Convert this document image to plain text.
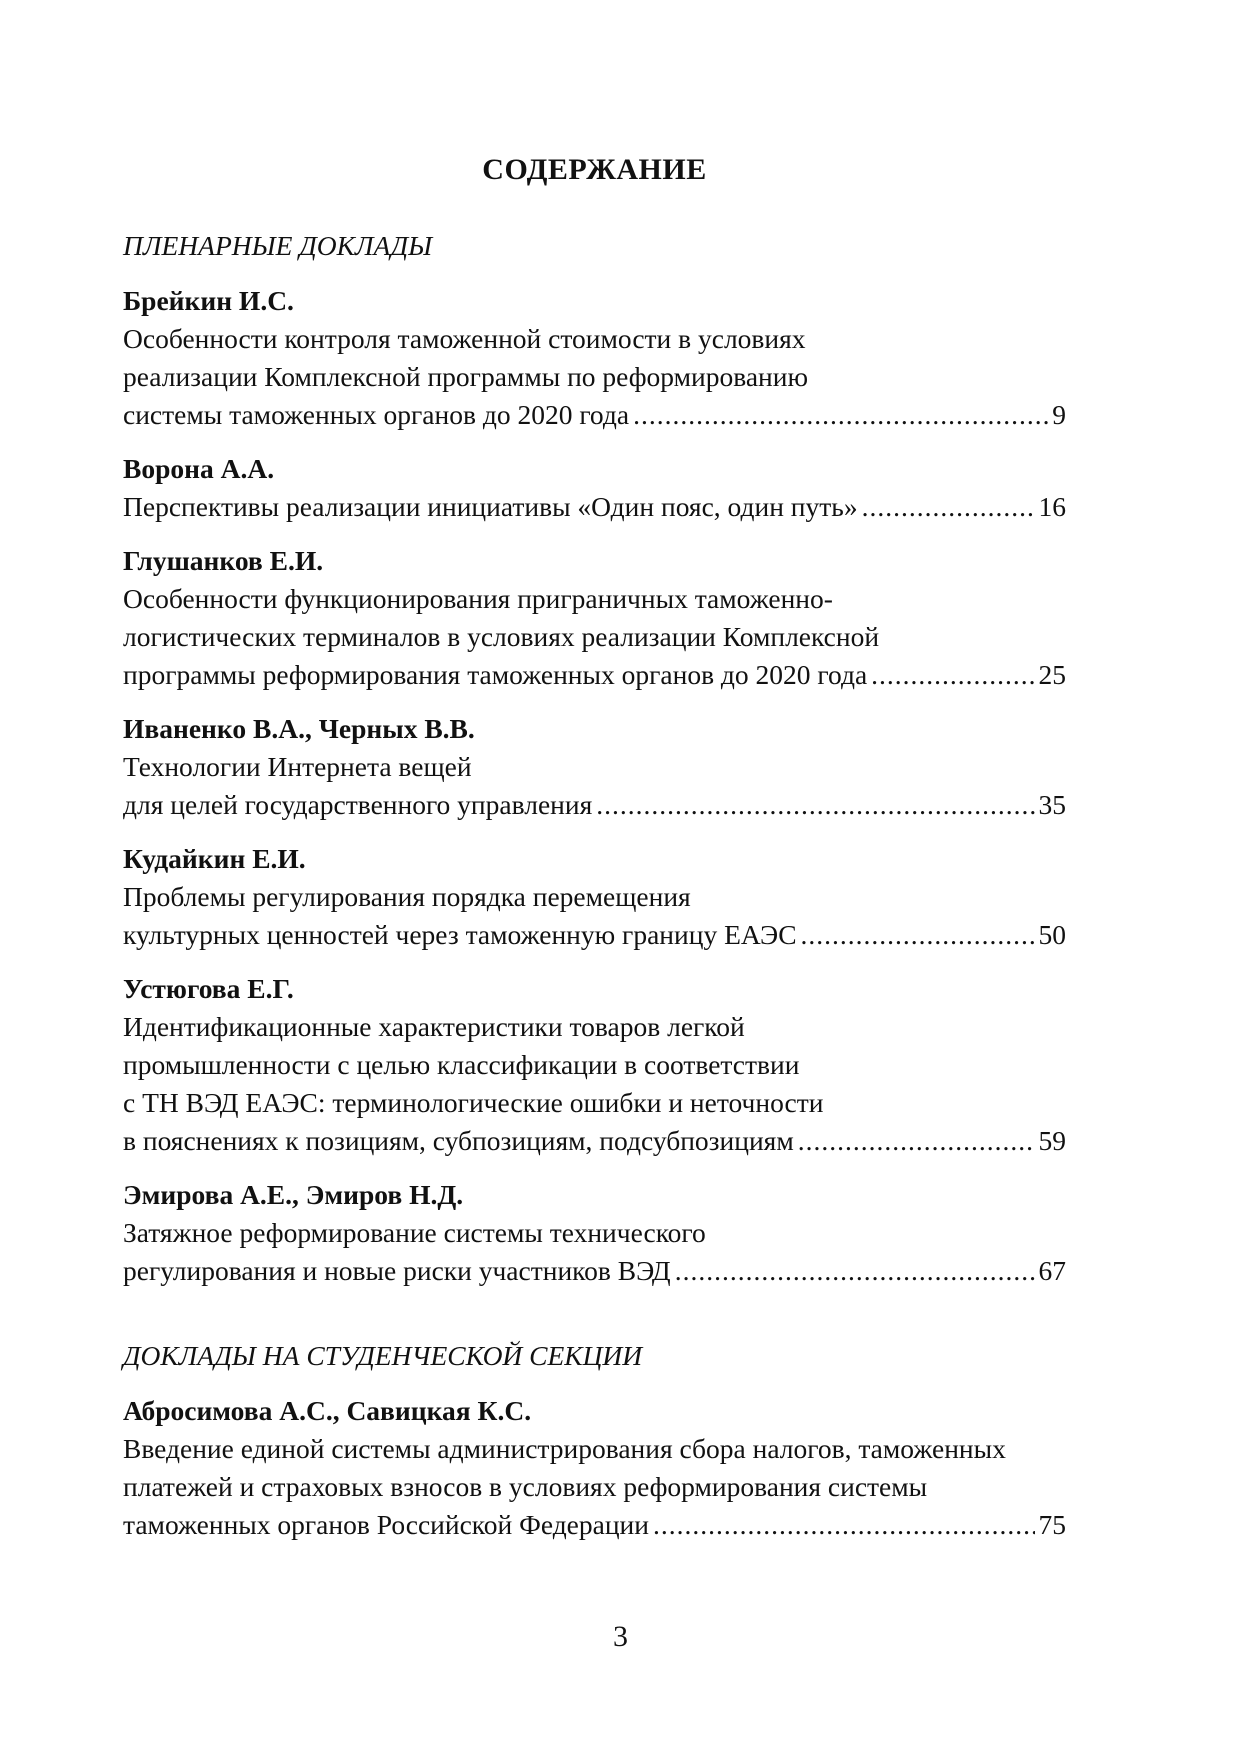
СОДЕРЖАНИЕ
ПЛЕНАРНЫЕ ДОКЛАДЫ
Брейкин И.С.
Особенности контроля таможенной стоимости в условиях
реализации Комплексной программы по реформированию
системы таможенных органов до 2020 года .....	9
Ворона А.А.
Перспективы реализации инициативы «Один пояс, один путь» .....	16
Глушанков Е.И.
Особенности функционирования приграничных таможенно-
логистических терминалов в условиях реализации Комплексной
программы реформирования таможенных органов до 2020 года .....	25
Иваненко В.А., Черных В.В.
Технологии Интернета вещей
для целей государственного управления .....	35
Кудайкин Е.И.
Проблемы регулирования порядка перемещения
культурных ценностей через таможенную границу ЕАЭС .....	50
Устюгова Е.Г.
Идентификационные характеристики товаров легкой
промышленности с целью классификации в соответствии
с ТН ВЭД ЕАЭС: терминологические ошибки и неточности
в пояснениях к позициям, субпозициям, подсубпозициям .....	59
Эмирова А.Е., Эмиров Н.Д.
Затяжное реформирование системы технического
регулирования и новые риски участников ВЭД .....	67
ДОКЛАДЫ НА СТУДЕНЧЕСКОЙ СЕКЦИИ
Абросимова А.С., Савицкая К.С.
Введение единой системы администрирования сбора налогов, таможенных
платежей и страховых взносов в условиях реформирования системы
таможенных органов Российской Федерации .....	75
3
